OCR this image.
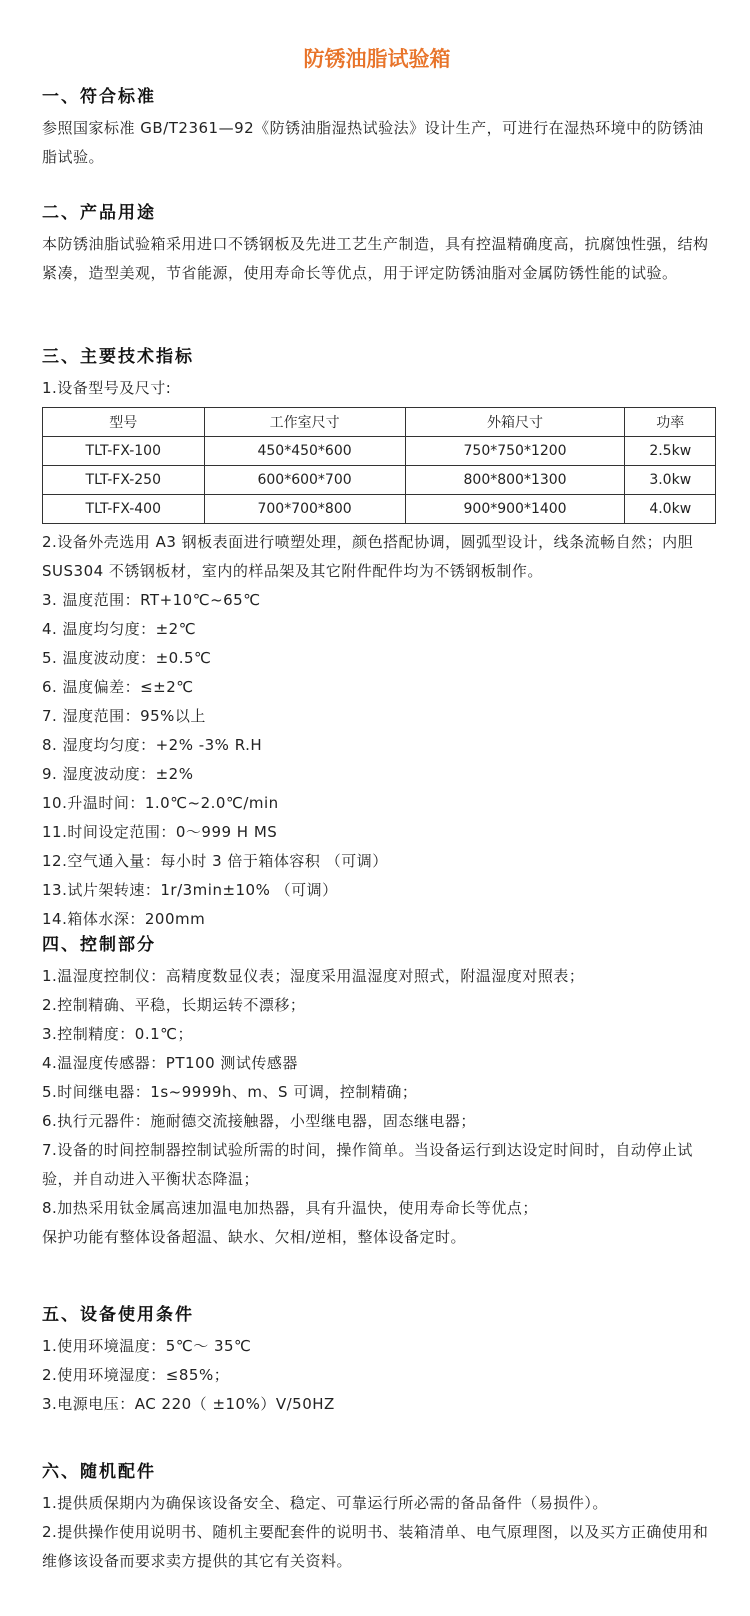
防锈油脂试验箱
一、符合标准

参照国家标准 GB/T2361—92《防锈油脂湿热试验法》设计生产，可进行在湿热环境中的防锈油脂试验。

二、产品用途

本防锈油脂试验箱采用进口不锈钢板及先进工艺生产制造，具有控温精确度高，抗腐蚀性强，结构紧凑，造型美观，节省能源，使用寿命长等优点，用于评定防锈油脂对金属防锈性能的试验。

三、主要技术指标

1.设备型号及尺寸:

型号	工作室尺寸	外箱尺寸	功率
TLT-FX-100	450*450*600	750*750*1200	2.5kw
TLT-FX-250	600*600*700	800*800*1300	3.0kw
TLT-FX-400	700*700*800	900*900*1400	4.0kw

2.设备外壳选用 A3 钢板表面进行喷塑处理，颜色搭配协调，圆弧型设计，线条流畅自然；内胆 SUS304 不锈钢板材，室内的样品架及其它附件配件均为不锈钢板制作。

3. 温度范围：RT+10℃~65℃

4. 温度均匀度：±2℃

5. 温度波动度：±0.5℃

6. 温度偏差：≤±2℃

7. 湿度范围：95%以上

8. 湿度均匀度：+2% -3% R.H

9. 湿度波动度：±2%

10.升温时间：1.0℃~2.0℃/min

11.时间设定范围：0～999 H MS

12.空气通入量：每小时 3 倍于箱体容积 （可调）

13.试片架转速：1r/3min±10% （可调）

14.箱体水深：200mm

四、控制部分

1.温湿度控制仪：高精度数显仪表；湿度采用温湿度对照式，附温湿度对照表；

2.控制精确、平稳，长期运转不漂移；

3.控制精度：0.1℃；

4.温湿度传感器：PT100 测试传感器

5.时间继电器：1s~9999h、m、S 可调，控制精确；

6.执行元器件：施耐德交流接触器，小型继电器，固态继电器；

7.设备的时间控制器控制试验所需的时间，操作简单。当设备运行到达设定时间时，自动停止试验，并自动进入平衡状态降温；

8.加热采用钛金属高速加温电加热器，具有升温快，使用寿命长等优点；

保护功能有整体设备超温、缺水、欠相/逆相，整体设备定时。

五、设备使用条件

1.使用环境温度：5℃～ 35℃

2.使用环境湿度：≤85%；

3.电源电压：AC 220（ ±10%）V/50HZ

六、随机配件

1.提供质保期内为确保该设备安全、稳定、可靠运行所必需的备品备件（易损件）。

2.提供操作使用说明书、随机主要配套件的说明书、装箱清单、电气原理图，以及买方正确使用和维修该设备而要求卖方提供的其它有关资料。
